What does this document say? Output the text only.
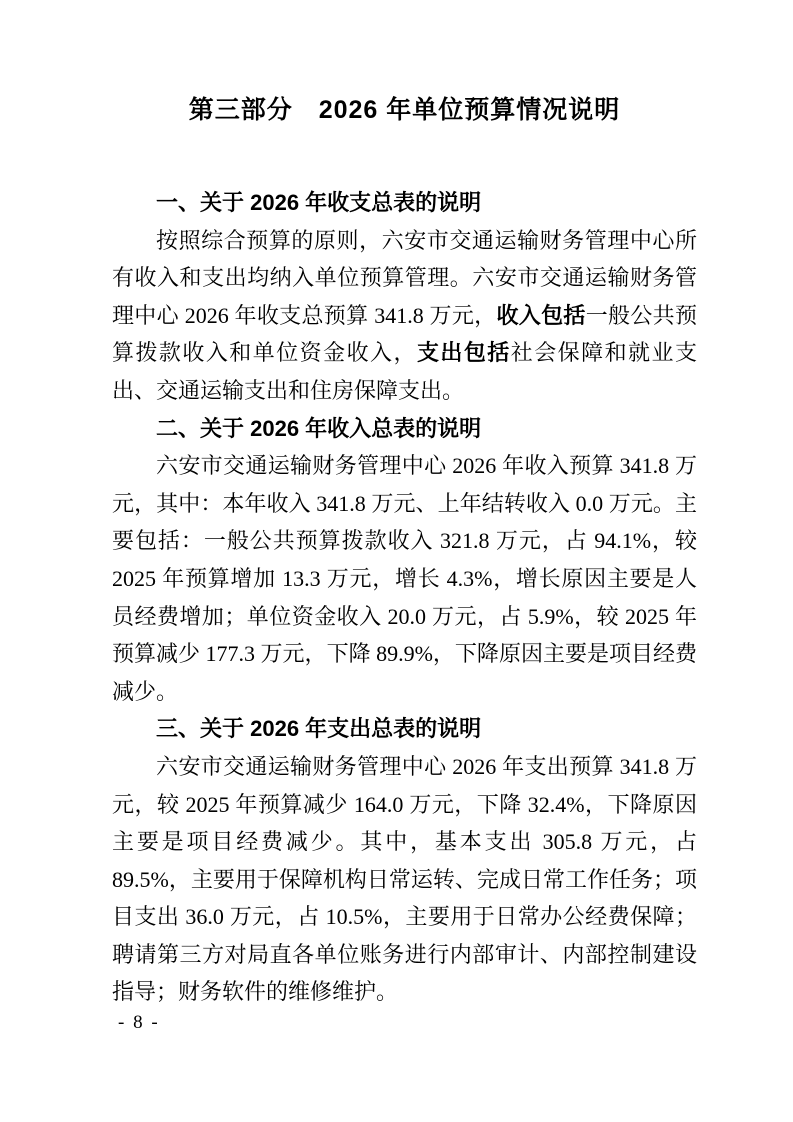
第三部分　2026 年单位预算情况说明
一、关于 2026 年收支总表的说明

按照综合预算的原则，六安市交通运输财务管理中心所有收入和支出均纳入单位预算管理。六安市交通运输财务管理中心 2026 年收支总预算 341.8 万元，收入包括一般公共预算拨款收入和单位资金收入，支出包括社会保障和就业支出、交通运输支出和住房保障支出。

二、关于 2026 年收入总表的说明

六安市交通运输财务管理中心 2026 年收入预算 341.8 万元，其中：本年收入 341.8 万元、上年结转收入 0.0 万元。主要包括：一般公共预算拨款收入 321.8 万元，占 94.1%，较 2025 年预算增加 13.3 万元，增长 4.3%，增长原因主要是人员经费增加；单位资金收入 20.0 万元，占 5.9%，较 2025 年预算减少 177.3 万元，下降 89.9%，下降原因主要是项目经费减少。

三、关于 2026 年支出总表的说明

六安市交通运输财务管理中心 2026 年支出预算 341.8 万元，较 2025 年预算减少 164.0 万元，下降 32.4%，下降原因主要是项目经费减少。其中，基本支出 305.8 万元，占 89.5%，主要用于保障机构日常运转、完成日常工作任务；项目支出 36.0 万元，占 10.5%，主要用于日常办公经费保障；聘请第三方对局直各单位账务进行内部审计、内部控制建设指导；财务软件的维修维护。

- 8 -
